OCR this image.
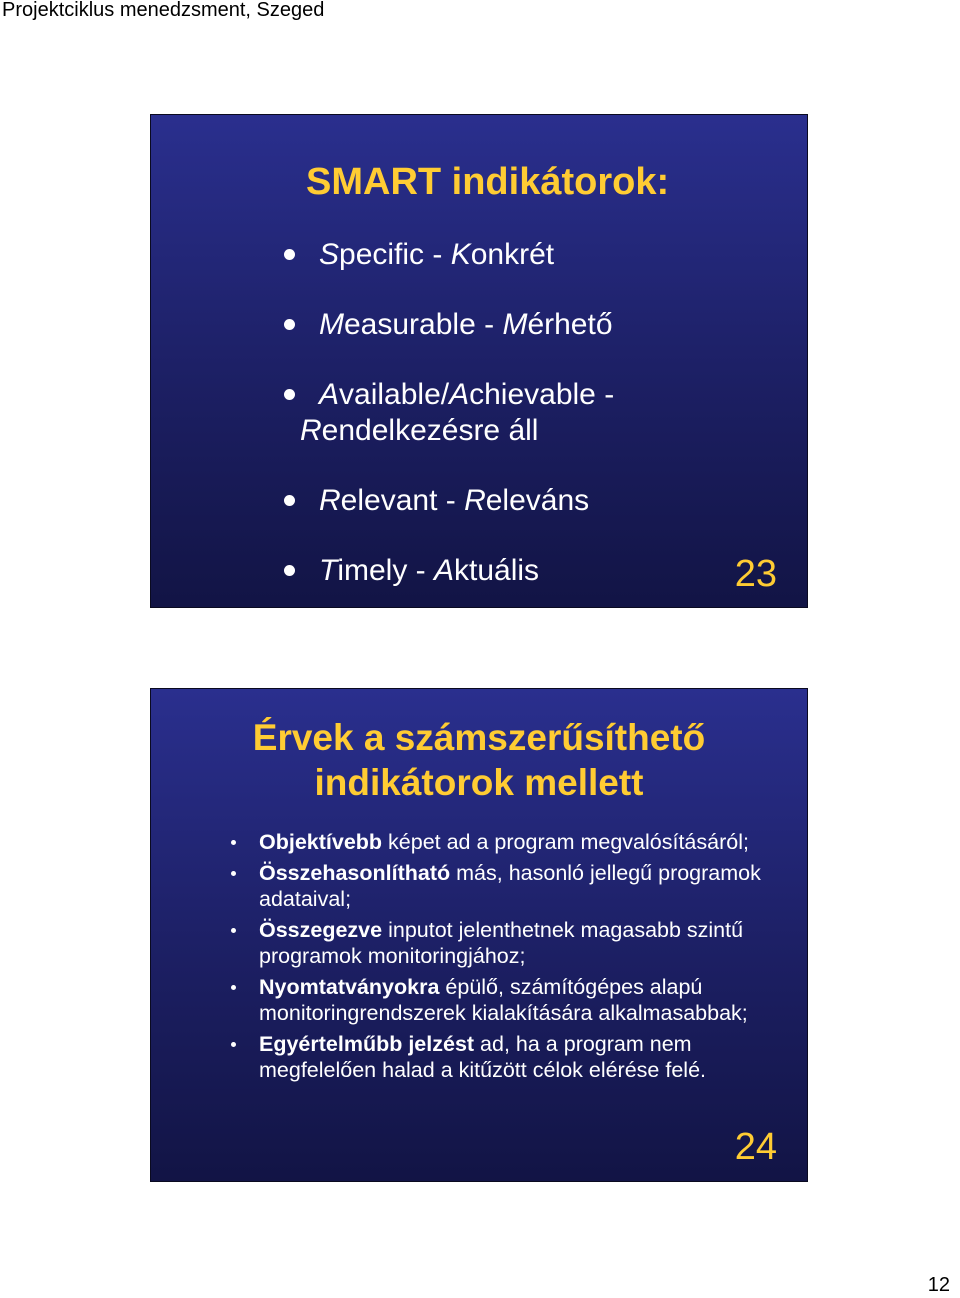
Projektciklus menedzsment, Szeged
SMART indikátorok:
Specific - Konkrét
Measurable - Mérhető
Available/Achievable -
Rendelkezésre áll
Relevant - Releváns
Timely - Aktuális	23
Érvek a számszerűsíthető
indikátorok mellett
Objektívebb képet ad a program megvalósításáról;
Összehasonlítható más, hasonló jellegű programok adataival;
Összegezve inputot jelenthetnek magasabb szintű programok monitoringjához;
Nyomtatványokra épülő, számítógépes alapú monitoringrendszerek kialakítására alkalmasabbak;
Egyértelműbb jelzést ad, ha a program nem megfelelően halad a kitűzött célok elérése felé.
24
12
